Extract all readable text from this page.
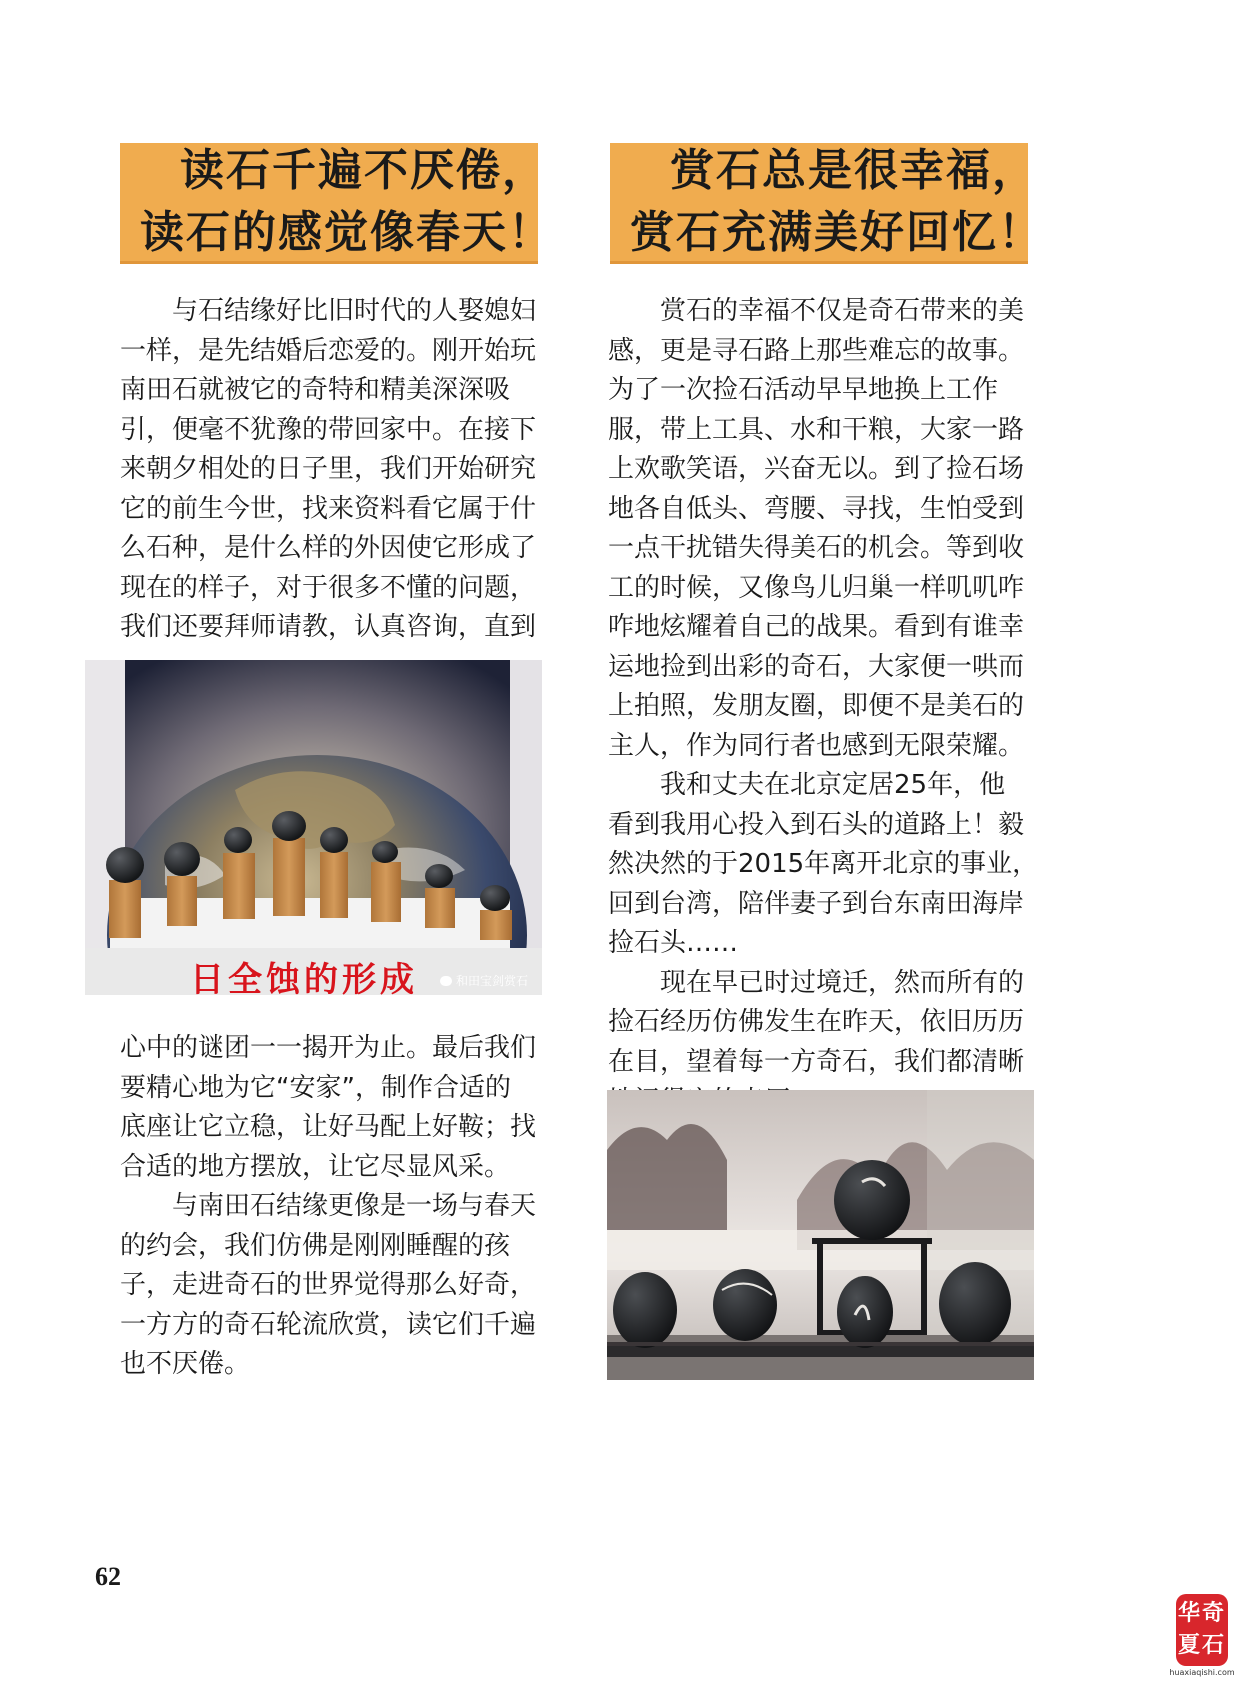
读石千遍不厌倦，
读石的感觉像春天！
赏石总是很幸福，
赏石充满美好回忆！
与石结缘好比旧时代的人娶媳妇
一样，是先结婚后恋爱的。刚开始玩
南田石就被它的奇特和精美深深吸
引，便毫不犹豫的带回家中。在接下
来朝夕相处的日子里，我们开始研究
它的前生今世，找来资料看它属于什
么石种，是什么样的外因使它形成了
现在的样子，对于很多不懂的问题，
我们还要拜师请教，认真咨询，直到
日全蚀的形成	和田宝剑赏石
心中的谜团一一揭开为止。最后我们
要精心地为它“安家”，制作合适的
底座让它立稳，让好马配上好鞍；找
合适的地方摆放，让它尽显风采。
与南田石结缘更像是一场与春天
的约会，我们仿佛是刚刚睡醒的孩
子，走进奇石的世界觉得那么好奇，
一方方的奇石轮流欣赏，读它们千遍
也不厌倦。
赏石的幸福不仅是奇石带来的美
感，更是寻石路上那些难忘的故事。
为了一次捡石活动早早地换上工作
服，带上工具、水和干粮，大家一路
上欢歌笑语，兴奋无以。到了捡石场
地各自低头、弯腰、寻找，生怕受到
一点干扰错失得美石的机会。等到收
工的时候，又像鸟儿归巢一样叽叽咋
咋地炫耀着自己的战果。看到有谁幸
运地捡到出彩的奇石，大家便一哄而
上拍照，发朋友圈，即便不是美石的
主人，作为同行者也感到无限荣耀。
我和丈夫在北京定居25年，他
看到我用心投入到石头的道路上！毅
然决然的于2015年离开北京的事业，
回到台湾，陪伴妻子到台东南田海岸
捡石头……
现在早已时过境迁，然而所有的
捡石经历仿佛发生在昨天，依旧历历
在目，望着每一方奇石，我们都清晰
62
华 奇
夏 石
huaxiaqishi.com
